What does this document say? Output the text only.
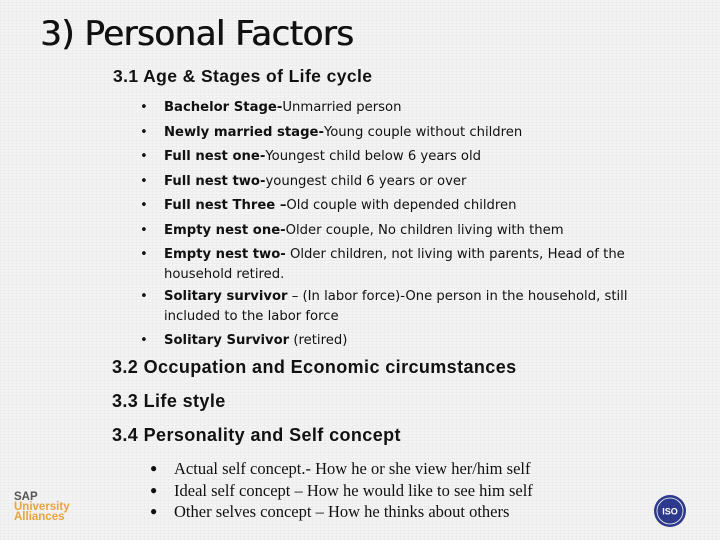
3) Personal Factors
3.1 Age & Stages of Life cycle
• Bachelor Stage-Unmarried person
• Newly married stage-Young couple without children
• Full nest one-Youngest child below 6 years old
• Full nest two-youngest child 6 years or over
• Full nest Three –Old couple with depended children
• Empty nest one-Older couple, No children living with them
• Empty nest two- Older children, not living with parents, Head of the household retired.
• Solitary survivor – (In labor force)-One person in the household, still included to the labor force
• Solitary Survivor (retired)
3.2 Occupation and Economic circumstances
3.3 Life style
3.4 Personality and Self concept
● Actual self concept.- How he or she view her/him self
● Ideal self concept – How he would like to see him self
● Other selves concept – How he thinks about others
SAP
University
Alliances	ISO
